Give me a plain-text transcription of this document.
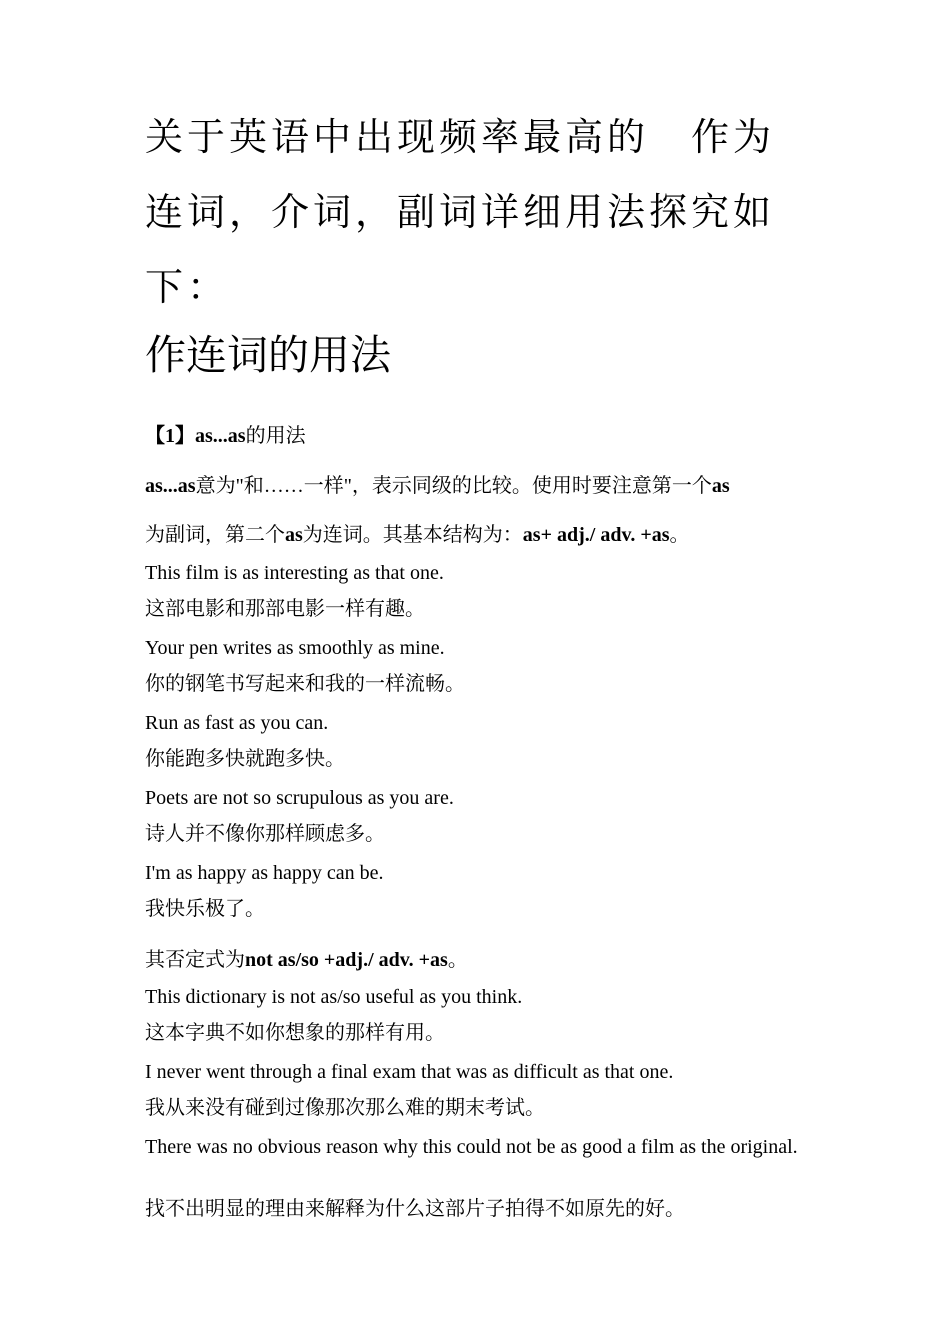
关于英语中出现频率最高的　作为
连词，介词，副词详细用法探究如
下：
作连词的用法
【1】as...as的用法
as...as意为"和……一样"，表示同级的比较。使用时要注意第一个as
为副词，第二个as为连词。其基本结构为：as+ adj./ adv. +as。
This film is as interesting as that one.
这部电影和那部电影一样有趣。
Your pen writes as smoothly as mine.
你的钢笔书写起来和我的一样流畅。
Run as fast as you can.
你能跑多快就跑多快。
Poets are not so scrupulous as you are.
诗人并不像你那样顾虑多。
I'm as happy as happy can be.
我快乐极了。
其否定式为not as/so +adj./ adv. +as。
This dictionary is not as/so useful as you think.
这本字典不如你想象的那样有用。
I never went through a final exam that was as difficult as that one.
我从来没有碰到过像那次那么难的期末考试。
There was no obvious reason why this could not be as good a film as the original.
找不出明显的理由来解释为什么这部片子拍得不如原先的好。
